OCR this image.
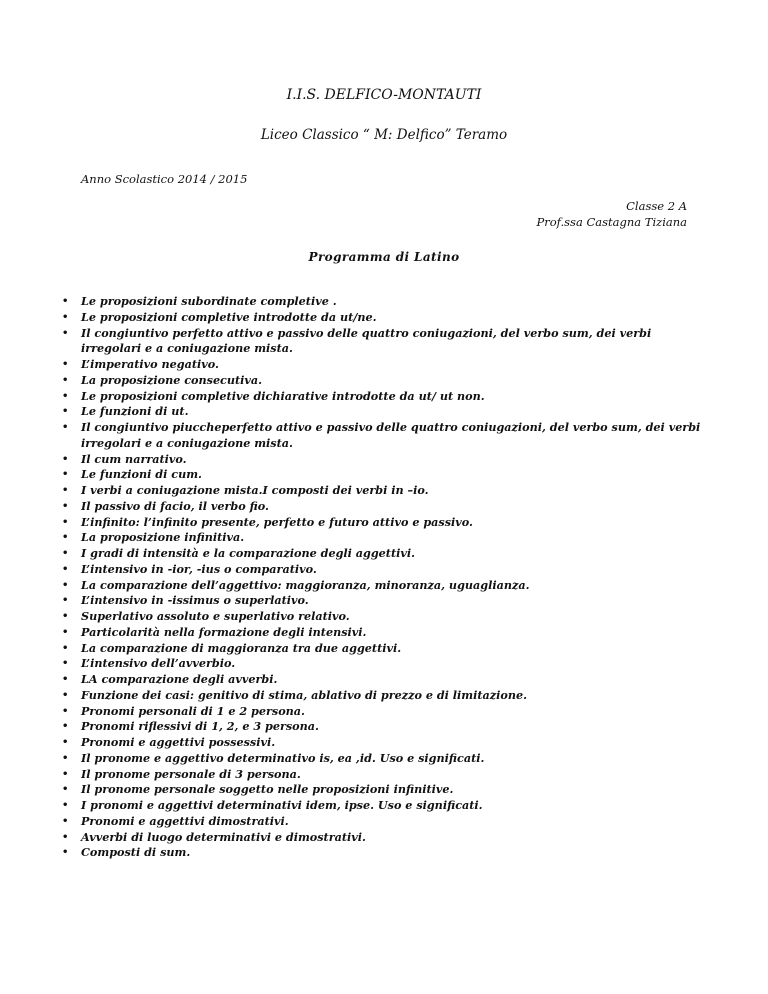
I.I.S. DELFICO-MONTAUTI
Liceo Classico “ M: Delfico” Teramo
Anno Scolastico 2014 / 2015
Classe 2 A
Prof.ssa Castagna Tiziana
Programma di Latino
• Le proposizioni subordinate completive .
• Le proposizioni completive introdotte da ut/ne.
• Il congiuntivo perfetto attivo e passivo delle quattro coniugazioni, del verbo sum, dei verbi irregolari e a coniugazione mista.
• L’imperativo negativo.
• La proposizione consecutiva.
• Le proposizioni completive dichiarative introdotte da ut/ ut non.
• Le funzioni di ut.
• Il congiuntivo piuccheperfetto attivo e passivo delle quattro coniugazioni, del verbo sum, dei verbi irregolari e a coniugazione mista.
• Il cum narrativo.
• Le funzioni di cum.
• I verbi a coniugazione mista.I composti dei verbi in –io.
• Il passivo di facio, il verbo fio.
• L’infinito: l’infinito presente, perfetto e futuro attivo e passivo.
• La proposizione infinitiva.
• I gradi di intensità e la comparazione degli aggettivi.
• L’intensivo in -ior, -ius o comparativo.
• La comparazione dell’aggettivo: maggioranza, minoranza, uguaglianza.
• L’intensivo in -issimus o superlativo.
• Superlativo assoluto e superlativo relativo.
• Particolarità nella formazione degli intensivi.
• La comparazione di maggioranza tra due aggettivi.
• L’intensivo dell’avverbio.
• LA comparazione degli avverbi.
• Funzione dei casi: genitivo di stima, ablativo di prezzo e di limitazione.
• Pronomi personali di 1 e 2 persona.
• Pronomi riflessivi di 1, 2, e 3 persona.
• Pronomi e aggettivi possessivi.
• Il pronome e aggettivo determinativo is, ea ,id. Uso e significati.
• Il pronome personale di 3 persona.
• Il pronome personale soggetto nelle proposizioni infinitive.
• I pronomi e aggettivi determinativi idem, ipse. Uso e significati.
• Pronomi e aggettivi dimostrativi.
• Avverbi di luogo determinativi e dimostrativi.
• Composti di sum.
